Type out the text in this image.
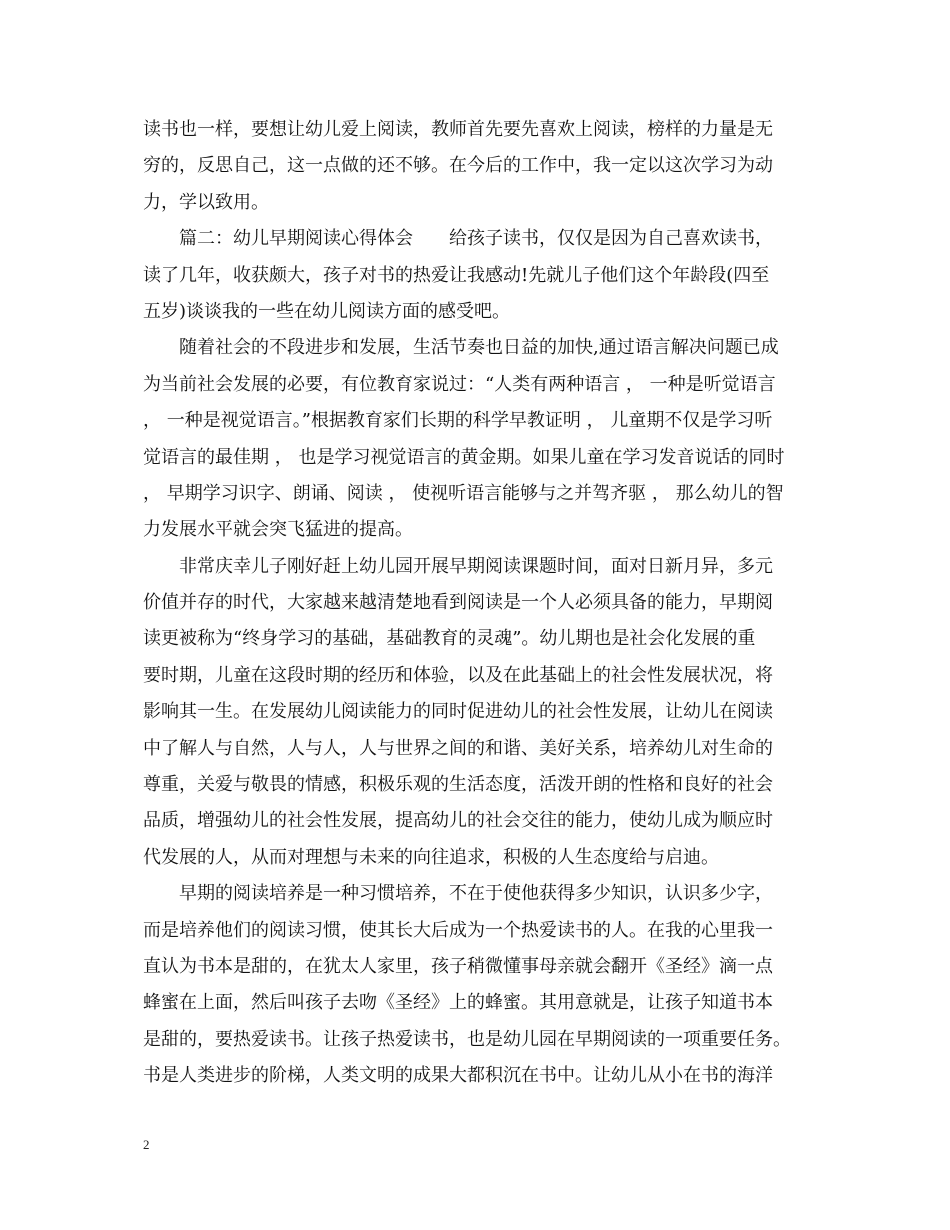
读书也一样，要想让幼儿爱上阅读，教师首先要先喜欢上阅读，榜样的力量是无
穷的，反思自己，这一点做的还不够。在今后的工作中，我一定以这次学习为动
力，学以致用。
　　篇二：幼儿早期阅读心得体会　　给孩子读书，仅仅是因为自己喜欢读书，
读了几年，收获颇大，孩子对书的热爱让我感动!先就儿子他们这个年龄段(四至
五岁)谈谈我的一些在幼儿阅读方面的感受吧。
　　随着社会的不段进步和发展，生活节奏也日益的加快,通过语言解决问题已成
为当前社会发展的必要，有位教育家说过：“人类有两种语言 ， 一种是听觉语言
， 一种是视觉语言。”根据教育家们长期的科学早教证明 ， 儿童期不仅是学习听
觉语言的最佳期 ， 也是学习视觉语言的黄金期。如果儿童在学习发音说话的同时
， 早期学习识字、朗诵、阅读 ， 使视听语言能够与之并驾齐驱 ， 那么幼儿的智
力发展水平就会突飞猛进的提高。
　　非常庆幸儿子刚好赶上幼儿园开展早期阅读课题时间，面对日新月异，多元
价值并存的时代，大家越来越清楚地看到阅读是一个人必须具备的能力，早期阅
读更被称为“终身学习的基础，基础教育的灵魂”。幼儿期也是社会化发展的重
要时期，儿童在这段时期的经历和体验，以及在此基础上的社会性发展状况，将
影响其一生。在发展幼儿阅读能力的同时促进幼儿的社会性发展，让幼儿在阅读
中了解人与自然，人与人，人与世界之间的和谐、美好关系，培养幼儿对生命的
尊重，关爱与敬畏的情感，积极乐观的生活态度，活泼开朗的性格和良好的社会
品质，增强幼儿的社会性发展，提高幼儿的社会交往的能力，使幼儿成为顺应时
代发展的人，从而对理想与未来的向往追求，积极的人生态度给与启迪。
　　早期的阅读培养是一种习惯培养，不在于使他获得多少知识，认识多少字，
而是培养他们的阅读习惯，使其长大后成为一个热爱读书的人。在我的心里我一
直认为书本是甜的，在犹太人家里，孩子稍微懂事母亲就会翻开《圣经》滴一点
蜂蜜在上面，然后叫孩子去吻《圣经》上的蜂蜜。其用意就是，让孩子知道书本
是甜的，要热爱读书。让孩子热爱读书，也是幼儿园在早期阅读的一项重要任务。
书是人类进步的阶梯，人类文明的成果大都积沉在书中。让幼儿从小在书的海洋
2
